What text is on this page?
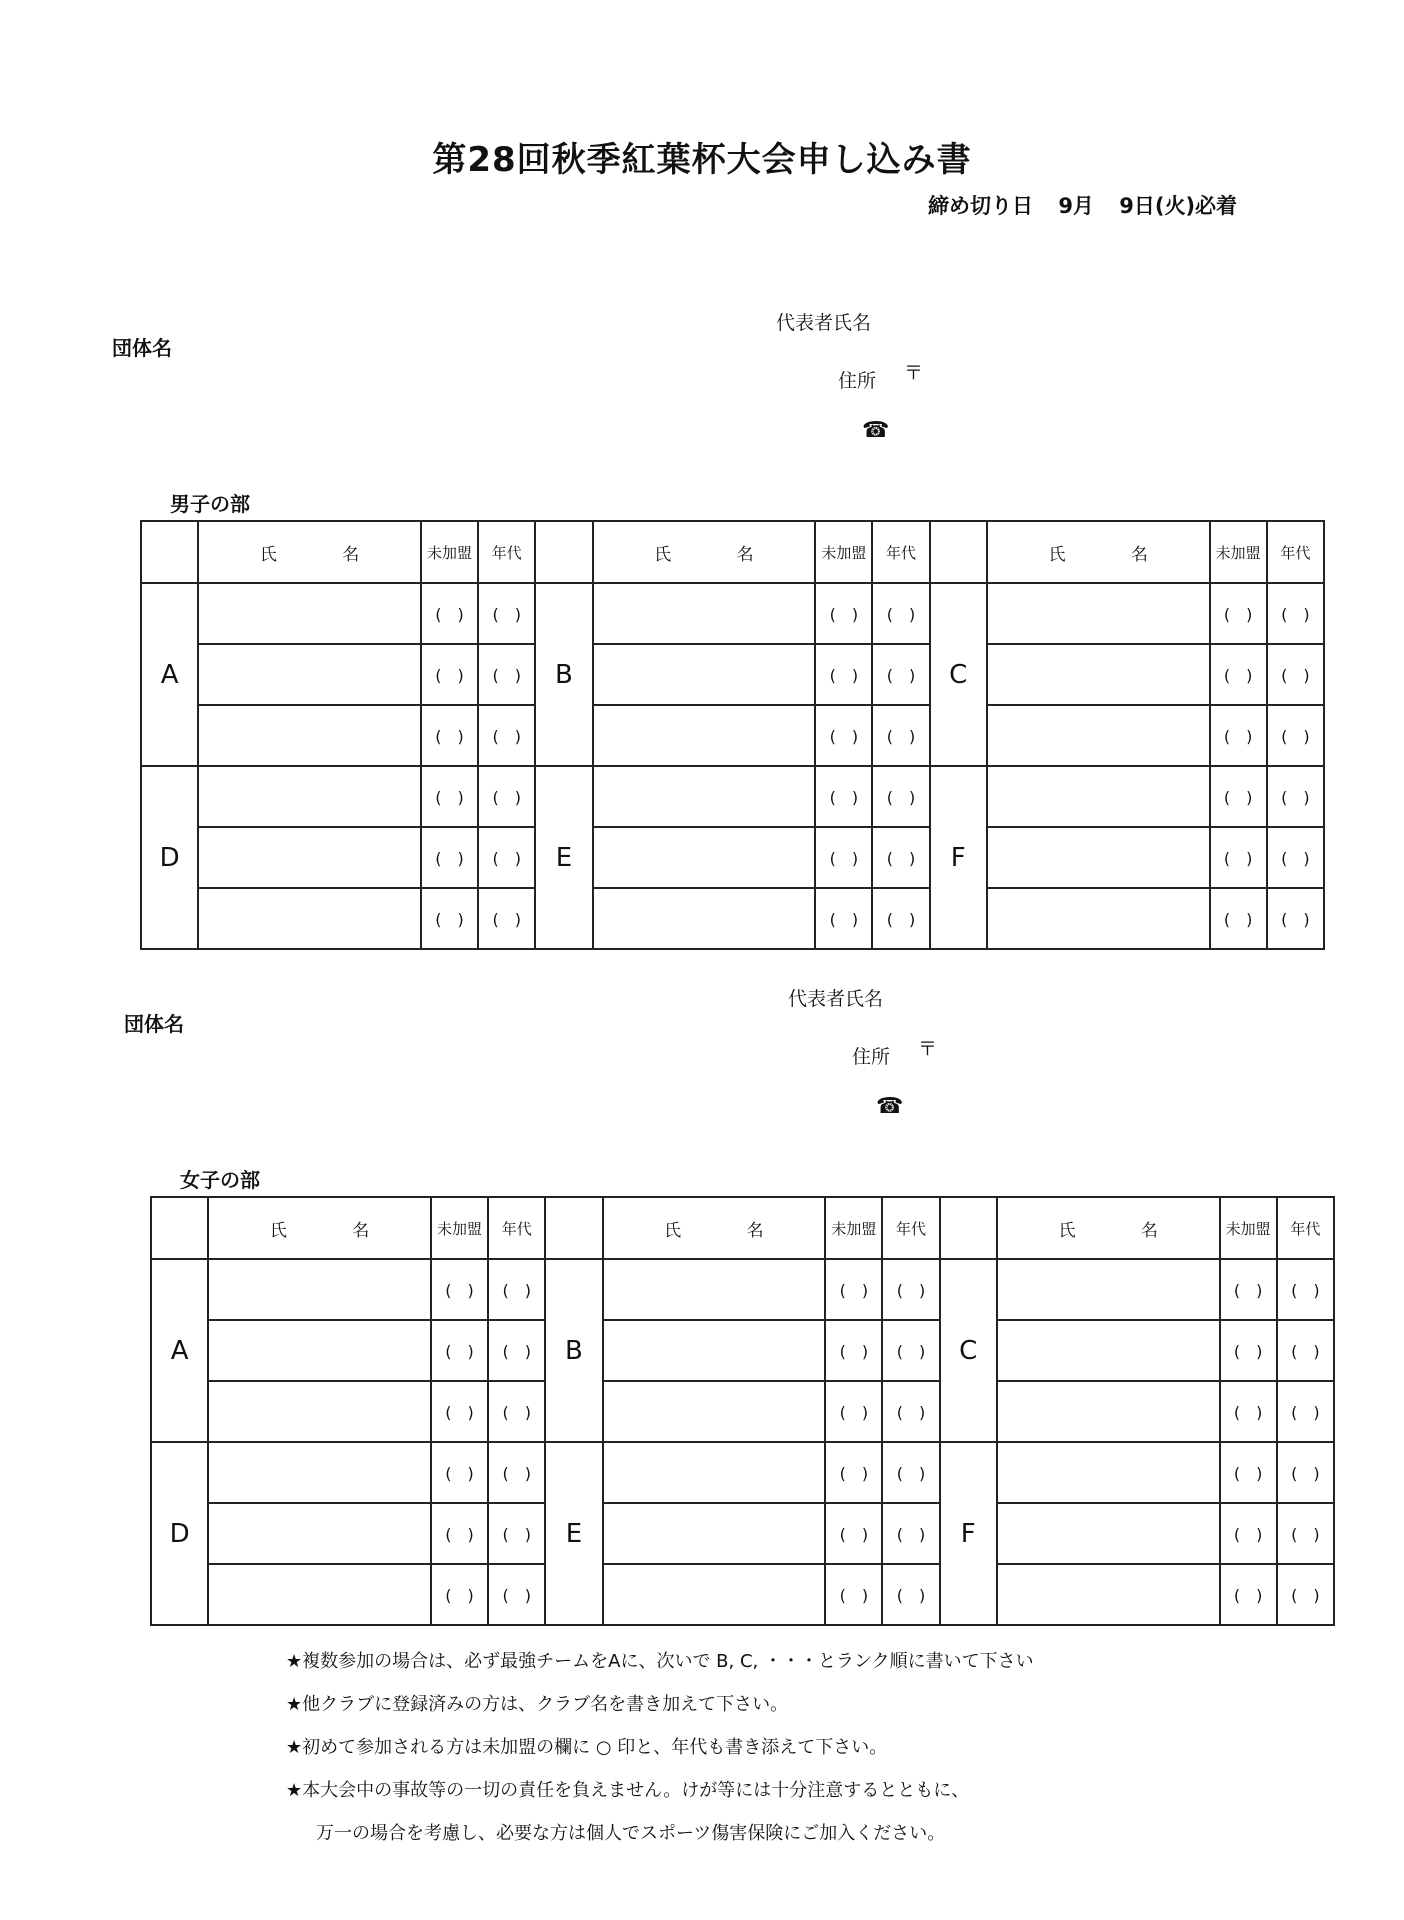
第28回秋季紅葉杯大会申し込み書
締め切り日 9月 9日(火)必着
団体名
代表者氏名
住所 〒
☎
男子の部
	氏 名	未加盟	年代		氏 名	未加盟	年代		氏 名	未加盟	年代
A		(　)	(　)	B		(　)	(　)	C		(　)	(　)
		(　)	(　)			(　)	(　)			(　)	(　)
		(　)	(　)			(　)	(　)			(　)	(　)
D		(　)	(　)	E		(　)	(　)	F		(　)	(　)
		(　)	(　)			(　)	(　)			(　)	(　)
		(　)	(　)			(　)	(　)			(　)	(　)
団体名
代表者氏名
住所 〒
☎
女子の部
	氏 名	未加盟	年代		氏 名	未加盟	年代		氏 名	未加盟	年代
A		(　)	(　)	B		(　)	(　)	C		(　)	(　)
		(　)	(　)			(　)	(　)			(　)	(　)
		(　)	(　)			(　)	(　)			(　)	(　)
D		(　)	(　)	E		(　)	(　)	F		(　)	(　)
		(　)	(　)			(　)	(　)			(　)	(　)
		(　)	(　)			(　)	(　)			(　)	(　)
★複数参加の場合は、必ず最強チームをAに、次いで B, C, ・・・とランク順に書いて下さい
★他クラブに登録済みの方は、クラブ名を書き加えて下さい。
★初めて参加される方は未加盟の欄に ○ 印と、年代も書き添えて下さい。
★本大会中の事故等の一切の責任を負えません。けが等には十分注意するとともに、
万一の場合を考慮し、必要な方は個人でスポーツ傷害保険にご加入ください。
